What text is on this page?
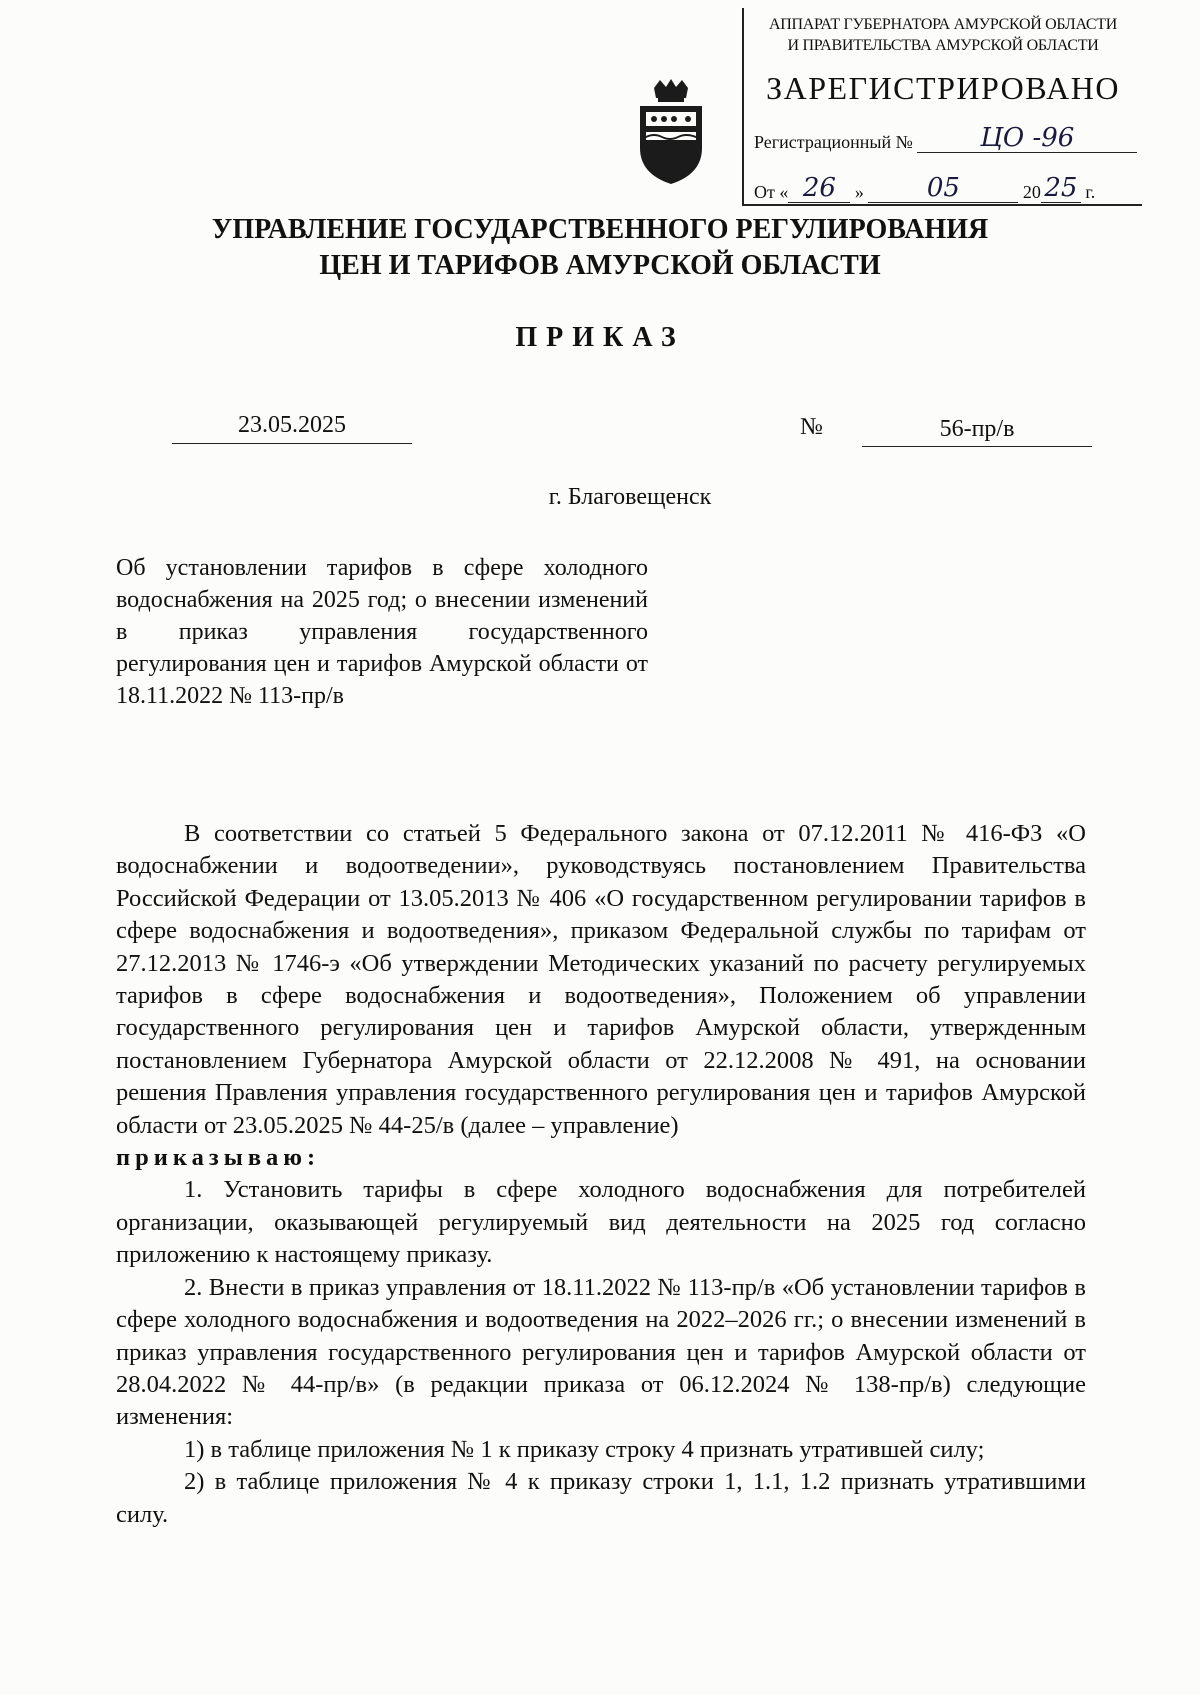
АППАРАТ ГУБЕРНАТОРА АМУРСКОЙ ОБЛАСТИ
И ПРАВИТЕЛЬСТВА АМУРСКОЙ ОБЛАСТИ
ЗАРЕГИСТРИРОВАНО
Регистрационный №	ЦО -96
От « 26 » 05	20 25 г.
УПРАВЛЕНИЕ ГОСУДАРСТВЕННОГО РЕГУЛИРОВАНИЯ
ЦЕН И ТАРИФОВ АМУРСКОЙ ОБЛАСТИ
ПРИКАЗ
23.05.2025	№	56-пр/в
г. Благовещенск
Об установлении тарифов в сфере холодного водоснабжения на 2025 год; о внесении изменений в приказ управления государственного регулирования цен и тарифов Амурской области от 18.11.2022 № 113-пр/в

В соответствии со статьей 5 Федерального закона от 07.12.2011 № 416-ФЗ «О водоснабжении и водоотведении», руководствуясь постановлением Правительства Российской Федерации от 13.05.2013 № 406 «О государственном регулировании тарифов в сфере водоснабжения и водоотведения», приказом Федеральной службы по тарифам от 27.12.2013 № 1746-э «Об утверждении Методических указаний по расчету регулируемых тарифов в сфере водоснабжения и водоотведения», Положением об управлении государственного регулирования цен и тарифов Амурской области, утвержденным постановлением Губернатора Амурской области от 22.12.2008 № 491, на основании решения Правления управления государственного регулирования цен и тарифов Амурской области от 23.05.2025 № 44-25/в (далее – управление)

приказываю:

1. Установить тарифы в сфере холодного водоснабжения для потребителей организации, оказывающей регулируемый вид деятельности на 2025 год согласно приложению к настоящему приказу.

2. Внести в приказ управления от 18.11.2022 № 113-пр/в «Об установлении тарифов в сфере холодного водоснабжения и водоотведения на 2022–2026 гг.; о внесении изменений в приказ управления государственного регулирования цен и тарифов Амурской области от 28.04.2022 № 44-пр/в» (в редакции приказа от 06.12.2024 № 138-пр/в) следующие изменения:

1) в таблице приложения № 1 к приказу строку 4 признать утратившей силу;

2) в таблице приложения № 4 к приказу строки 1, 1.1, 1.2 признать утратившими силу.
